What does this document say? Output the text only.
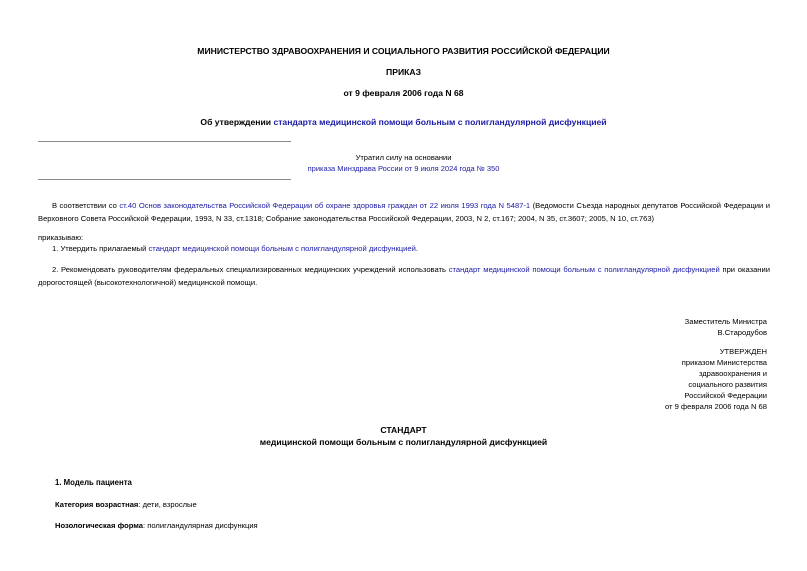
МИНИСТЕРСТВО ЗДРАВООХРАНЕНИЯ И СОЦИАЛЬНОГО РАЗВИТИЯ РОССИЙСКОЙ ФЕДЕРАЦИИ
ПРИКАЗ
от 9 февраля 2006 года N 68
Об утверждении стандарта медицинской помощи больным с полигландулярной дисфункцией
Утратил силу на основании
приказа Минздрава России от 9 июля 2024 года № 350
В соответствии со ст.40 Основ законодательства Российской Федерации об охране здоровья граждан от 22 июля 1993 года N 5487-1 (Ведомости Съезда народных депутатов Российской Федерации и Верховного Совета Российской Федерации, 1993, N 33, ст.1318; Собрание законодательства Российской Федерации, 2003, N 2, ст.167; 2004, N 35, ст.3607; 2005, N 10, ст.763)
приказываю:
1. Утвердить прилагаемый стандарт медицинской помощи больным с полигландулярной дисфункцией.
2. Рекомендовать руководителям федеральных специализированных медицинских учреждений использовать стандарт медицинской помощи больным с полигландулярной дисфункцией при оказании дорогостоящей (высокотехнологичной) медицинской помощи.
Заместитель Министра
В.Стародубов
УТВЕРЖДЕН
приказом Министерства
здравоохранения и
социального развития
Российской Федерации
от 9 февраля 2006 года N 68
СТАНДАРТ
медицинской помощи больным с полигландулярной дисфункцией
1. Модель пациента
Категория возрастная: дети, взрослые
Нозологическая форма: полигландулярная дисфункция
